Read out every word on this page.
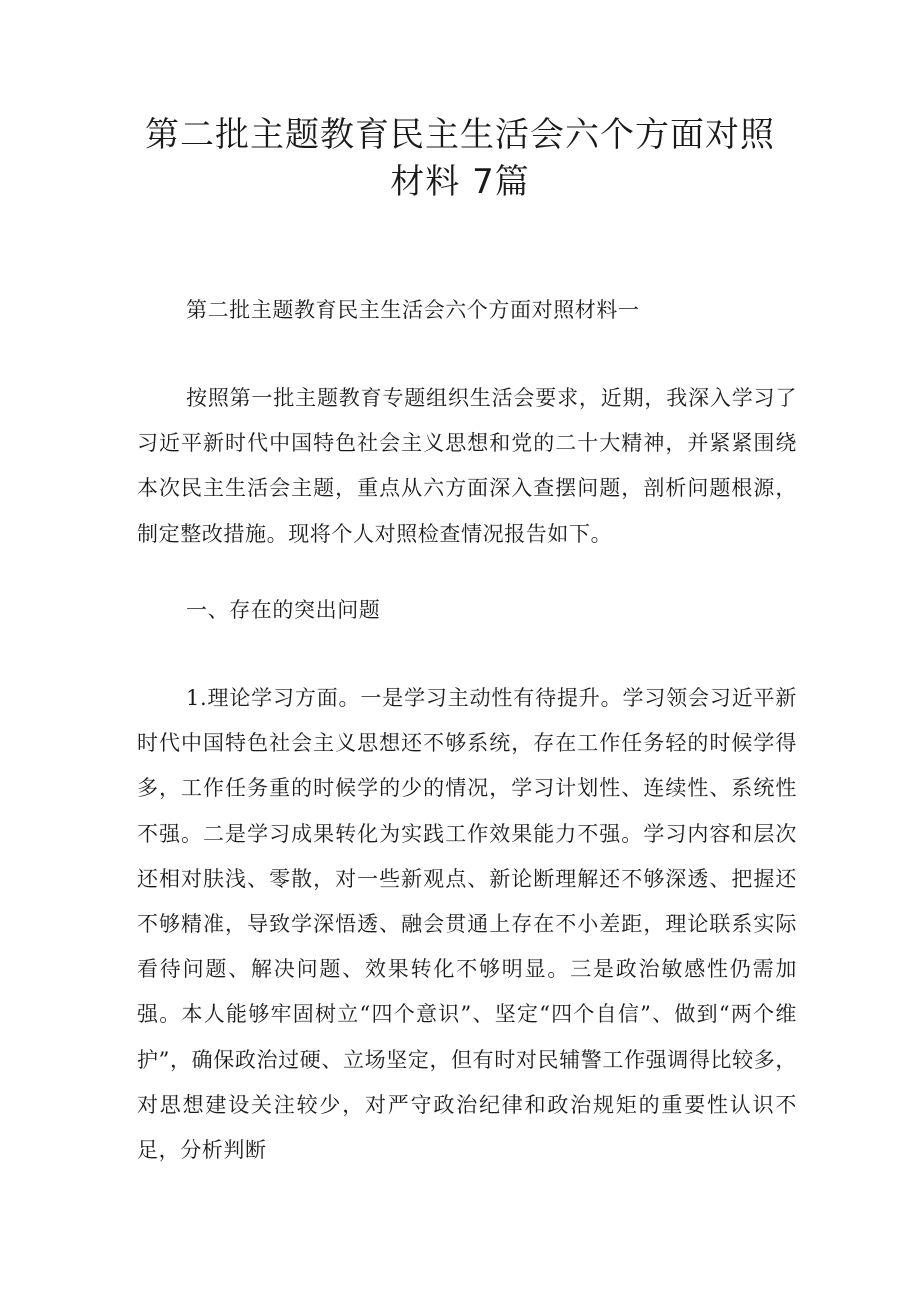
第二批主题教育民主生活会六个方面对照
材料 7篇
第二批主题教育民主生活会六个方面对照材料一
按照第一批主题教育专题组织生活会要求，近期，我深入学习了习近平新时代中国特色社会主义思想和党的二十大精神，并紧紧围绕本次民主生活会主题，重点从六方面深入查摆问题，剖析问题根源，制定整改措施。现将个人对照检查情况报告如下。
一、存在的突出问题
1.理论学习方面。一是学习主动性有待提升。学习领会习近平新时代中国特色社会主义思想还不够系统，存在工作任务轻的时候学得多，工作任务重的时候学的少的情况，学习计划性、连续性、系统性不强。二是学习成果转化为实践工作效果能力不强。学习内容和层次还相对肤浅、零散，对一些新观点、新论断理解还不够深透、把握还不够精准，导致学深悟透、融会贯通上存在不小差距，理论联系实际看待问题、解决问题、效果转化不够明显。三是政治敏感性仍需加强。本人能够牢固树立“四个意识”、坚定“四个自信”、做到“两个维护”，确保政治过硬、立场坚定，但有时对民辅警工作强调得比较多，对思想建设关注较少，对严守政治纪律和政治规矩的重要性认识不足，分析判断
